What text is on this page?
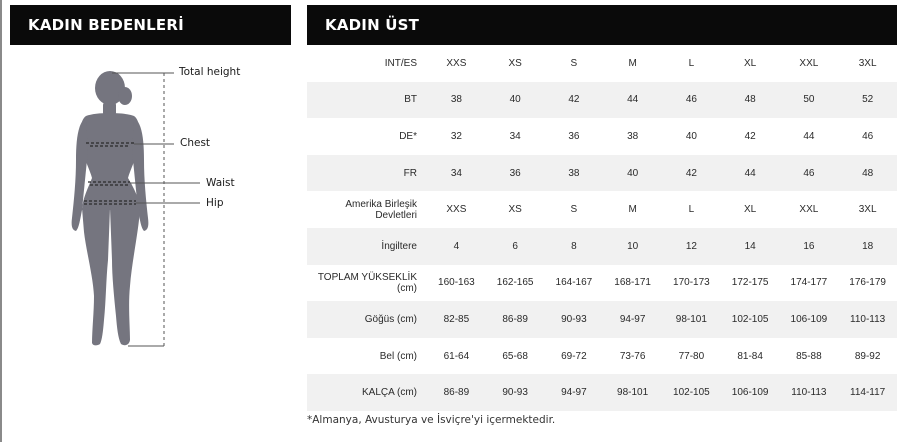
KADIN BEDENLERİ	KADIN ÜST
Total height
Chest
Waist
Hip
INT/ES	XXS	XS	S	M	L	XL	XXL	3XL
BT	38	40	42	44	46	48	50	52
DE*	32	34	36	38	40	42	44	46
FR	34	36	38	40	42	44	46	48
Amerika Birleşik Devletleri	XXS	XS	S	M	L	XL	XXL	3XL
İngiltere	4	6	8	10	12	14	16	18
TOPLAM YÜKSEKLİK (cm)	160-163	162-165	164-167	168-171	170-173	172-175	174-177	176-179
Göğüs (cm)	82-85	86-89	90-93	94-97	98-101	102-105	106-109	110-113
Bel (cm)	61-64	65-68	69-72	73-76	77-80	81-84	85-88	89-92
KALÇA (cm)	86-89	90-93	94-97	98-101	102-105	106-109	110-113	114-117
*Almanya, Avusturya ve İsviçre'yi içermektedir.
